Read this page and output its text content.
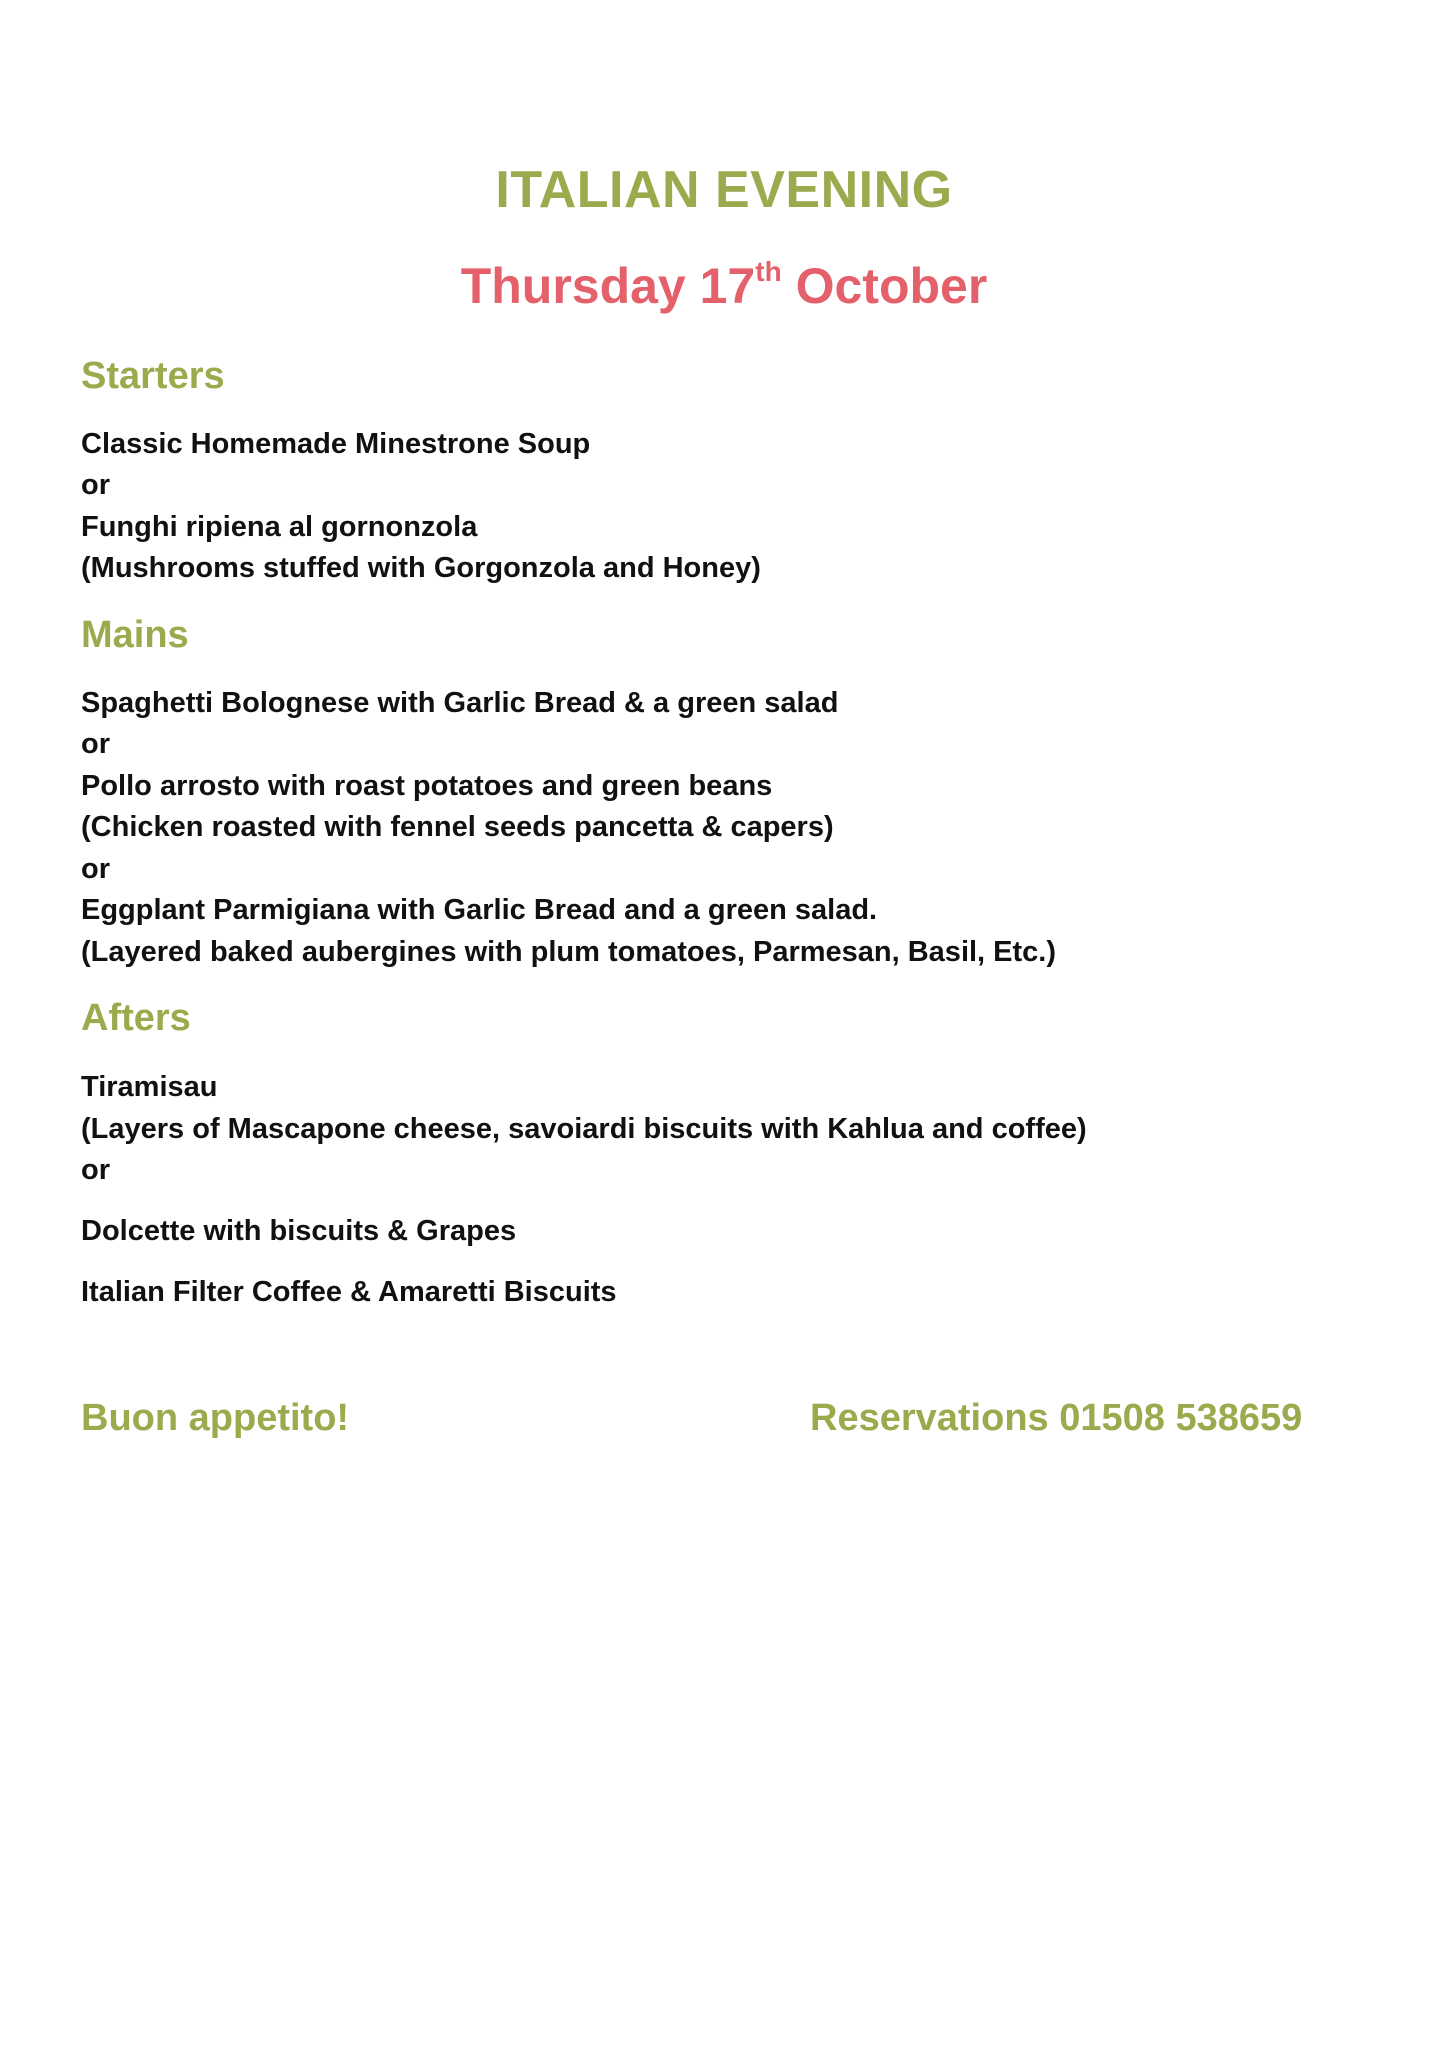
ITALIAN EVENING
Thursday 17th October
Starters
Classic Homemade Minestrone Soup
or
Funghi ripiena al gornonzola
(Mushrooms stuffed with Gorgonzola and Honey)
Mains
Spaghetti Bolognese with Garlic Bread & a green salad
or
Pollo arrosto with roast potatoes and green beans
(Chicken roasted with fennel seeds pancetta & capers)
or
Eggplant Parmigiana with Garlic Bread and a green salad.
(Layered baked aubergines with plum tomatoes, Parmesan, Basil, Etc.)
Afters
Tiramisau
(Layers of Mascapone cheese, savoiardi biscuits with Kahlua and coffee)
or
Dolcette with biscuits & Grapes
Italian Filter Coffee & Amaretti Biscuits
Buon appetito!	Reservations 01508 538659
